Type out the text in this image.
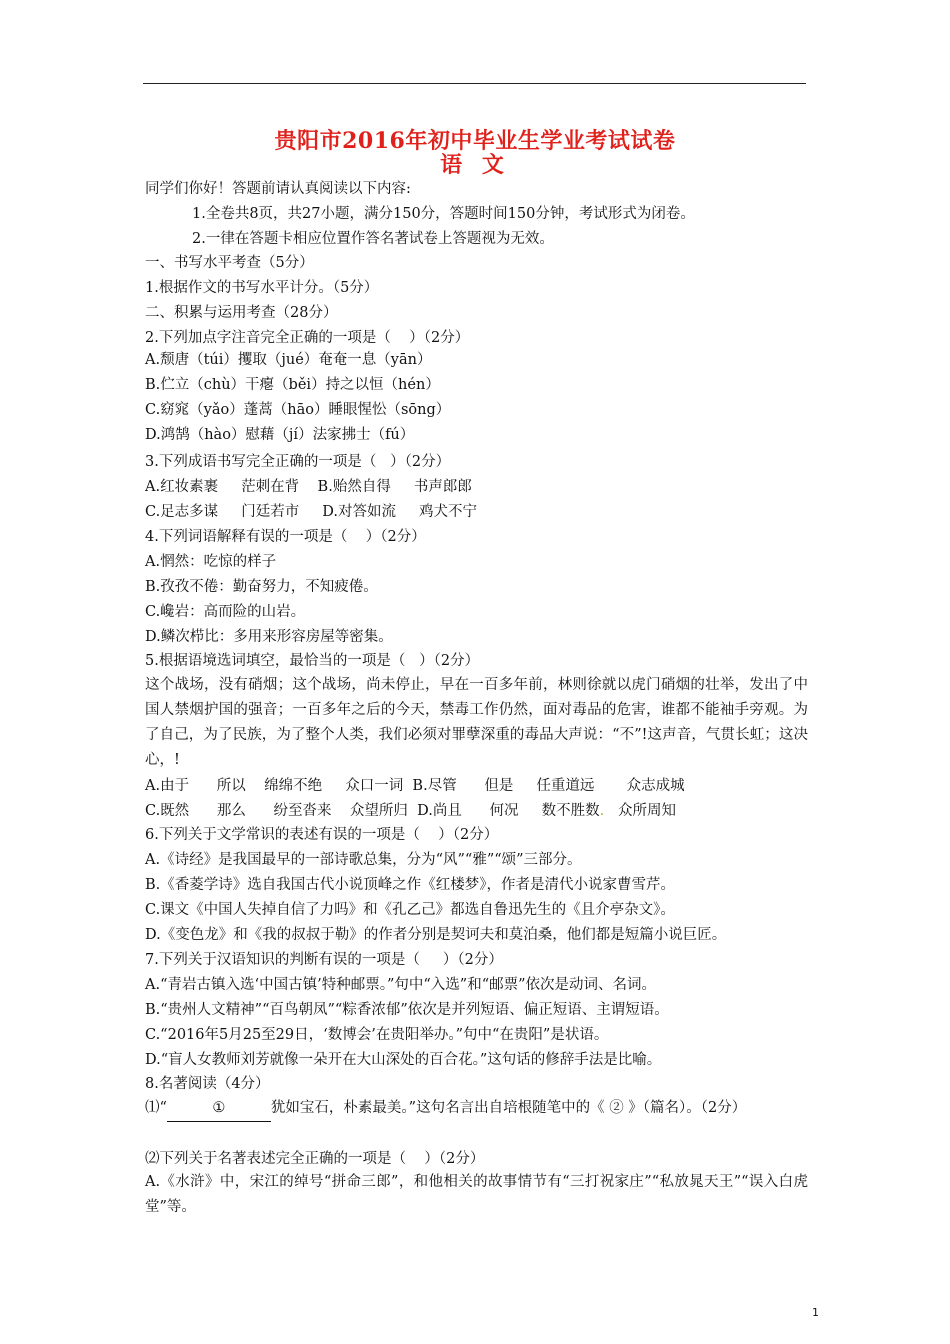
贵阳市2016年初中毕业生学业考试试卷
语 文
同学们你好！答题前请认真阅读以下内容:
1.全卷共8页，共27小题，满分150分，答题时间150分钟，考试形式为闭卷。
2.一律在答题卡相应位置作答名著试卷上答题视为无效。
一、书写水平考查（5分）
1.根据作文的书写水平计分。（5分）
二、积累与运用考查（28分）
2.下列加点字注音完全正确的一项是（    ）（2分）
A.颓唐（túi）攫取（jué）奄奄一息（yān）
B.伫立（chù）干瘪（běi）持之以恒（hén）
C.窈窕（yǎo）蓬蒿（hāo）睡眼惺忪（sōng）
D.鸿鹄（hào）慰藉（jí）法家拂士（fú）
3.下列成语书写完全正确的一项是（   ）（2分）
A.红妆素裹     茫刺在背    B.贻然自得     书声郎郎
C.足志多谋     门廷若市     D.对答如流     鸡犬不宁
4.下列词语解释有误的一项是（    ）（2分）
A.惘然：吃惊的样子
B.孜孜不倦：勤奋努力，不知疲倦。
C.巉岩：高而险的山岩。
D.鳞次栉比：多用来形容房屋等密集。
5.根据语境选词填空，最恰当的一项是（   ）（2分）
这个战场，没有硝烟；这个战场，尚未停止，早在一百多年前，林则徐就以虎门硝烟的壮举，发出了中国人禁烟护国的强音；一百多年之后的今天，禁毒工作仍然，面对毒品的危害，谁都不能袖手旁观。为了自己，为了民族，为了整个人类，我们必须对罪孽深重的毒品大声说：“不”!这声音，气贯长虹；这决心，!
A.由于      所以    绵绵不绝     众口一词  B.尽管      但是     任重道远       众志成城
C.既然      那么      纷至沓来    众望所归  D.尚且      何况     数不胜数.   众所周知
6.下列关于文学常识的表述有误的一项是（    ）（2分）
A.《诗经》是我国最早的一部诗歌总集，分为“风”“雅”“颂”三部分。
B.《香菱学诗》选自我国古代小说顶峰之作《红楼梦》，作者是清代小说家曹雪芹。
C.课文《中国人失掉自信了力吗》和《孔乙己》都选自鲁迅先生的《且介亭杂文》。
D.《变色龙》和《我的叔叔于勒》的作者分别是契诃夫和莫泊桑，他们都是短篇小说巨匠。
7.下列关于汉语知识的判断有误的一项是（     ）（2分）
A.“青岩古镇入选‘中国古镇’特种邮票。”句中“入选”和“邮票”依次是动词、名词。
B.“贵州人文精神”“百鸟朝凤”“粽香浓郁”依次是并列短语、偏正短语、主谓短语。
C.“2016年5月25至29日，‘数博会’在贵阳举办。”句中“在贵阳”是状语。
D.“盲人女教师刘芳就像一朵开在大山深处的百合花。”这句话的修辞手法是比喻。
8.名著阅读（4分）
⑴“	①	犹如宝石，朴素最美。”这句名言出自培根随笔中的《 ② 》（篇名）。（2分）
⑵下列关于名著表述完全正确的一项是（    ）（2分）
A.《水浒》中，宋江的绰号“拼命三郎”，和他相关的故事情节有“三打祝家庄”“私放晁天王”“误入白虎堂”等。
1
